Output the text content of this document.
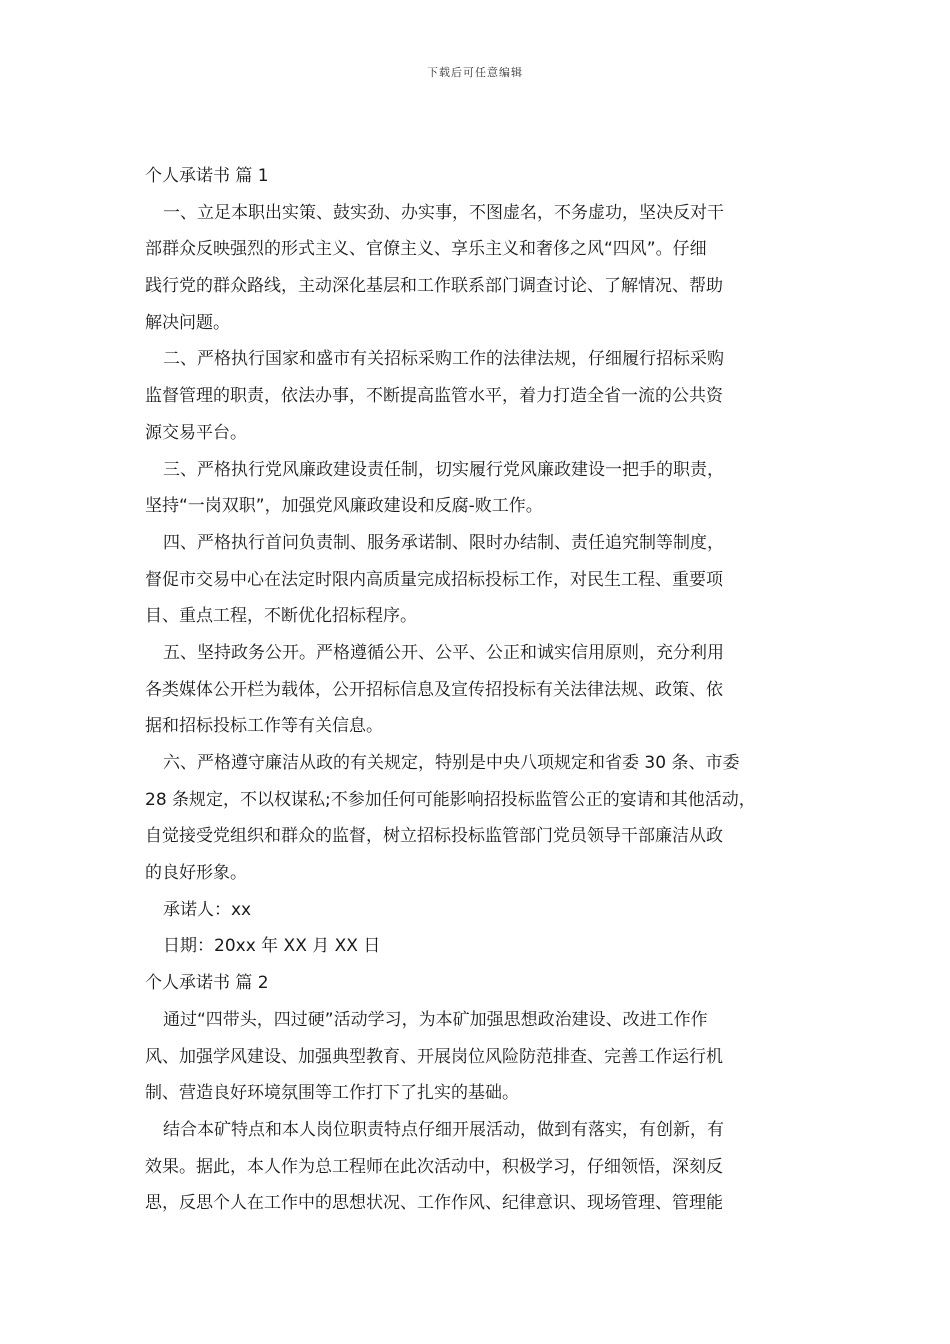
下载后可任意编辑
个人承诺书 篇 1
一、立足本职出实策、鼓实劲、办实事，不图虚名，不务虚功，坚决反对干
部群众反映强烈的形式主义、官僚主义、享乐主义和奢侈之风“四风”。仔细
践行党的群众路线，主动深化基层和工作联系部门调查讨论、了解情况、帮助
解决问题。
二、严格执行国家和盛市有关招标采购工作的法律法规，仔细履行招标采购
监督管理的职责，依法办事，不断提高监管水平，着力打造全省一流的公共资
源交易平台。
三、严格执行党风廉政建设责任制，切实履行党风廉政建设一把手的职责，
坚持“一岗双职”，加强党风廉政建设和反腐-败工作。
四、严格执行首问负责制、服务承诺制、限时办结制、责任追究制等制度，
督促市交易中心在法定时限内高质量完成招标投标工作，对民生工程、重要项
目、重点工程，不断优化招标程序。
五、坚持政务公开。严格遵循公开、公平、公正和诚实信用原则，充分利用
各类媒体公开栏为载体，公开招标信息及宣传招投标有关法律法规、政策、依
据和招标投标工作等有关信息。
六、严格遵守廉洁从政的有关规定，特别是中央八项规定和省委 30 条、市委
28 条规定，不以权谋私;不参加任何可能影响招投标监管公正的宴请和其他活动，
自觉接受党组织和群众的监督，树立招标投标监管部门党员领导干部廉洁从政
的良好形象。
承诺人：xx
日期：20xx 年 XX 月 XX 日
个人承诺书 篇 2
通过“四带头，四过硬”活动学习，为本矿加强思想政治建设、改进工作作
风、加强学风建设、加强典型教育、开展岗位风险防范排查、完善工作运行机
制、营造良好环境氛围等工作打下了扎实的基础。
结合本矿特点和本人岗位职责特点仔细开展活动，做到有落实，有创新，有
效果。据此，本人作为总工程师在此次活动中，积极学习，仔细领悟，深刻反
思，反思个人在工作中的思想状况、工作作风、纪律意识、现场管理、管理能
